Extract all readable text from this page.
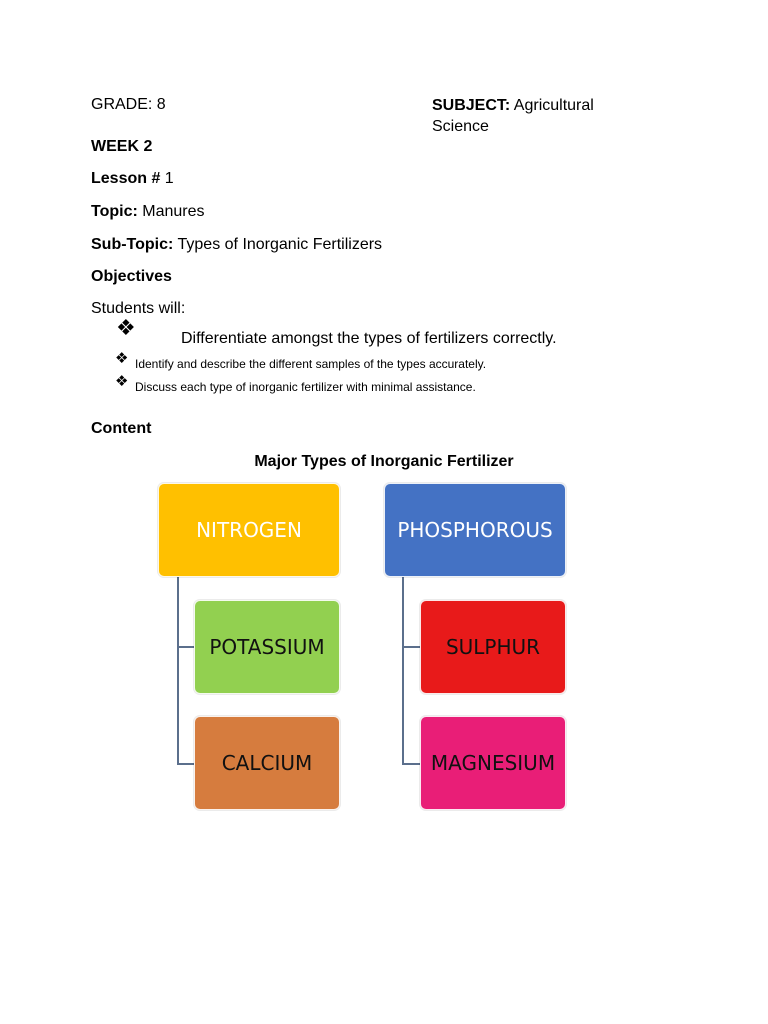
GRADE: 8	SUBJECT: Agricultural
Science
WEEK 2
Lesson # 1
Topic: Manures
Sub-Topic: Types of Inorganic Fertilizers
Objectives
Students will:
❖	Differentiate amongst the types of fertilizers correctly.
❖ Identify and describe the different samples of the types accurately.
❖ Discuss each type of inorganic fertilizer with minimal assistance.
Content
Major Types of Inorganic Fertilizer
NITROGEN
POTASSIUM
CALCIUM
PHOSPHOROUS
SULPHUR
MAGNESIUM
